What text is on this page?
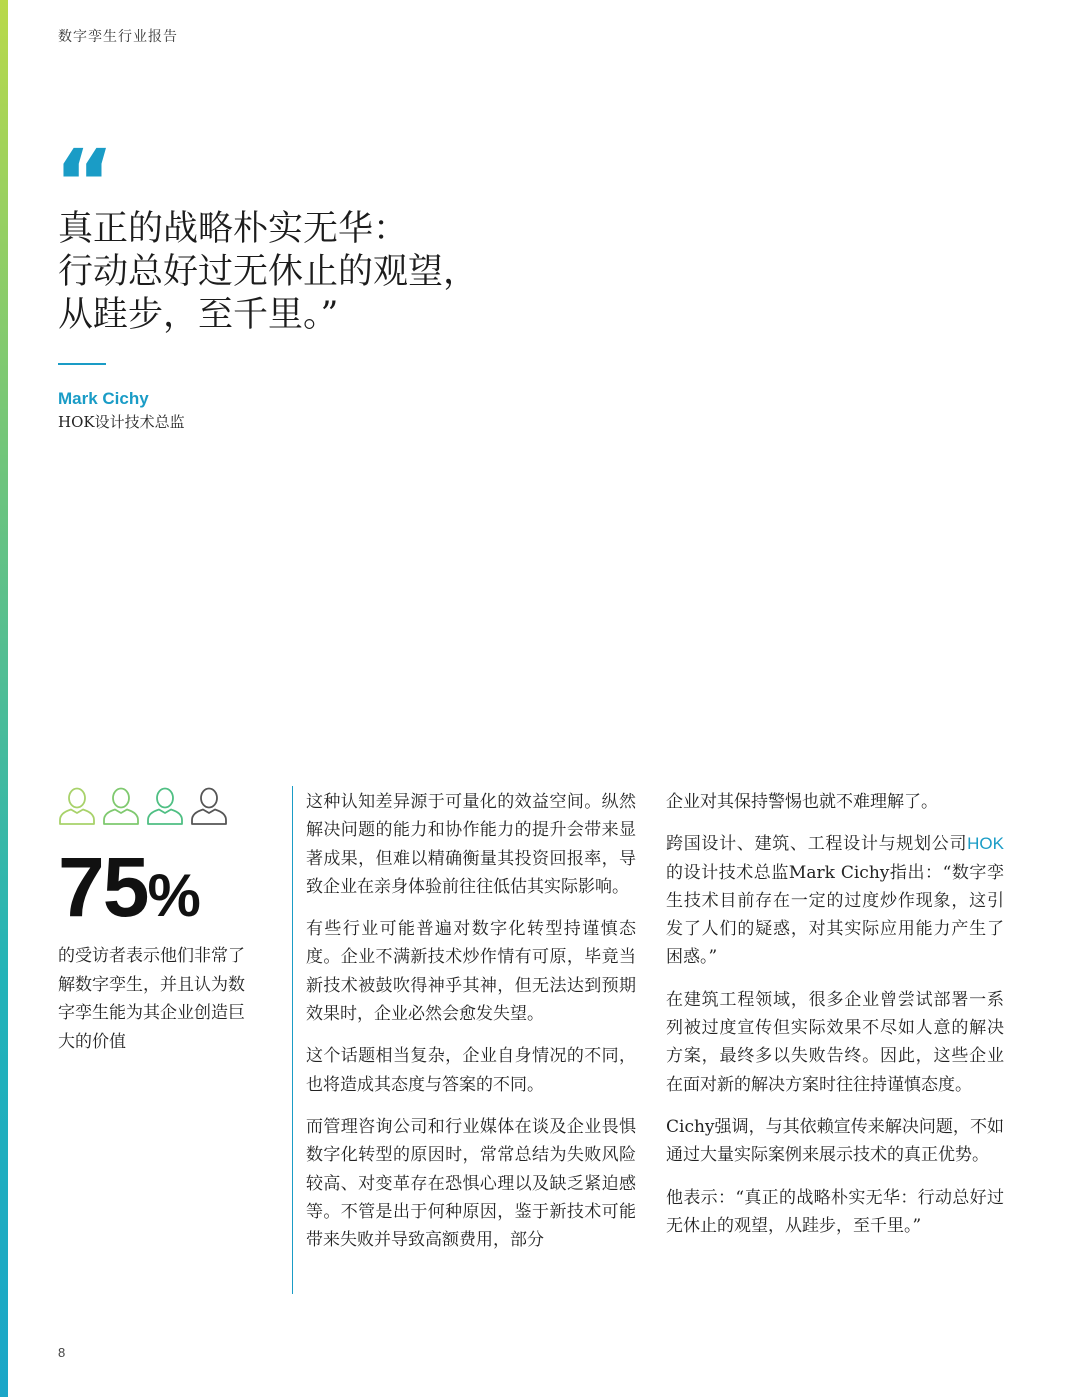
数字孪生行业报告
“
真正的战略朴实无华：
行动总好过无休止的观望，
从跬步，至千里。”
Mark Cichy
HOK设计技术总监
75%

的受访者表示他们非常了解数字孪生，并且认为数字孪生能为其企业创造巨大的价值

这种认知差异源于可量化的效益空间。纵然解决问题的能力和协作能力的提升会带来显著成果，但难以精确衡量其投资回报率，导致企业在亲身体验前往往低估其实际影响。

有些行业可能普遍对数字化转型持谨慎态度。企业不满新技术炒作情有可原，毕竟当新技术被鼓吹得神乎其神，但无法达到预期效果时，企业必然会愈发失望。

这个话题相当复杂，企业自身情况的不同，也将造成其态度与答案的不同。

而管理咨询公司和行业媒体在谈及企业畏惧数字化转型的原因时，常常总结为失败风险较高、对变革存在恐惧心理以及缺乏紧迫感等。不管是出于何种原因，鉴于新技术可能带来失败并导致高额费用，部分

企业对其保持警惕也就不难理解了。

跨国设计、建筑、工程设计与规划公司HOK的设计技术总监Mark Cichy指出：“数字孪生技术目前存在一定的过度炒作现象，这引发了人们的疑惑，对其实际应用能力产生了困惑。”

在建筑工程领域，很多企业曾尝试部署一系列被过度宣传但实际效果不尽如人意的解决方案，最终多以失败告终。因此，这些企业在面对新的解决方案时往往持谨慎态度。

Cichy强调，与其依赖宣传来解决问题，不如通过大量实际案例来展示技术的真正优势。

他表示：“真正的战略朴实无华：行动总好过无休止的观望，从跬步，至千里。”

8
